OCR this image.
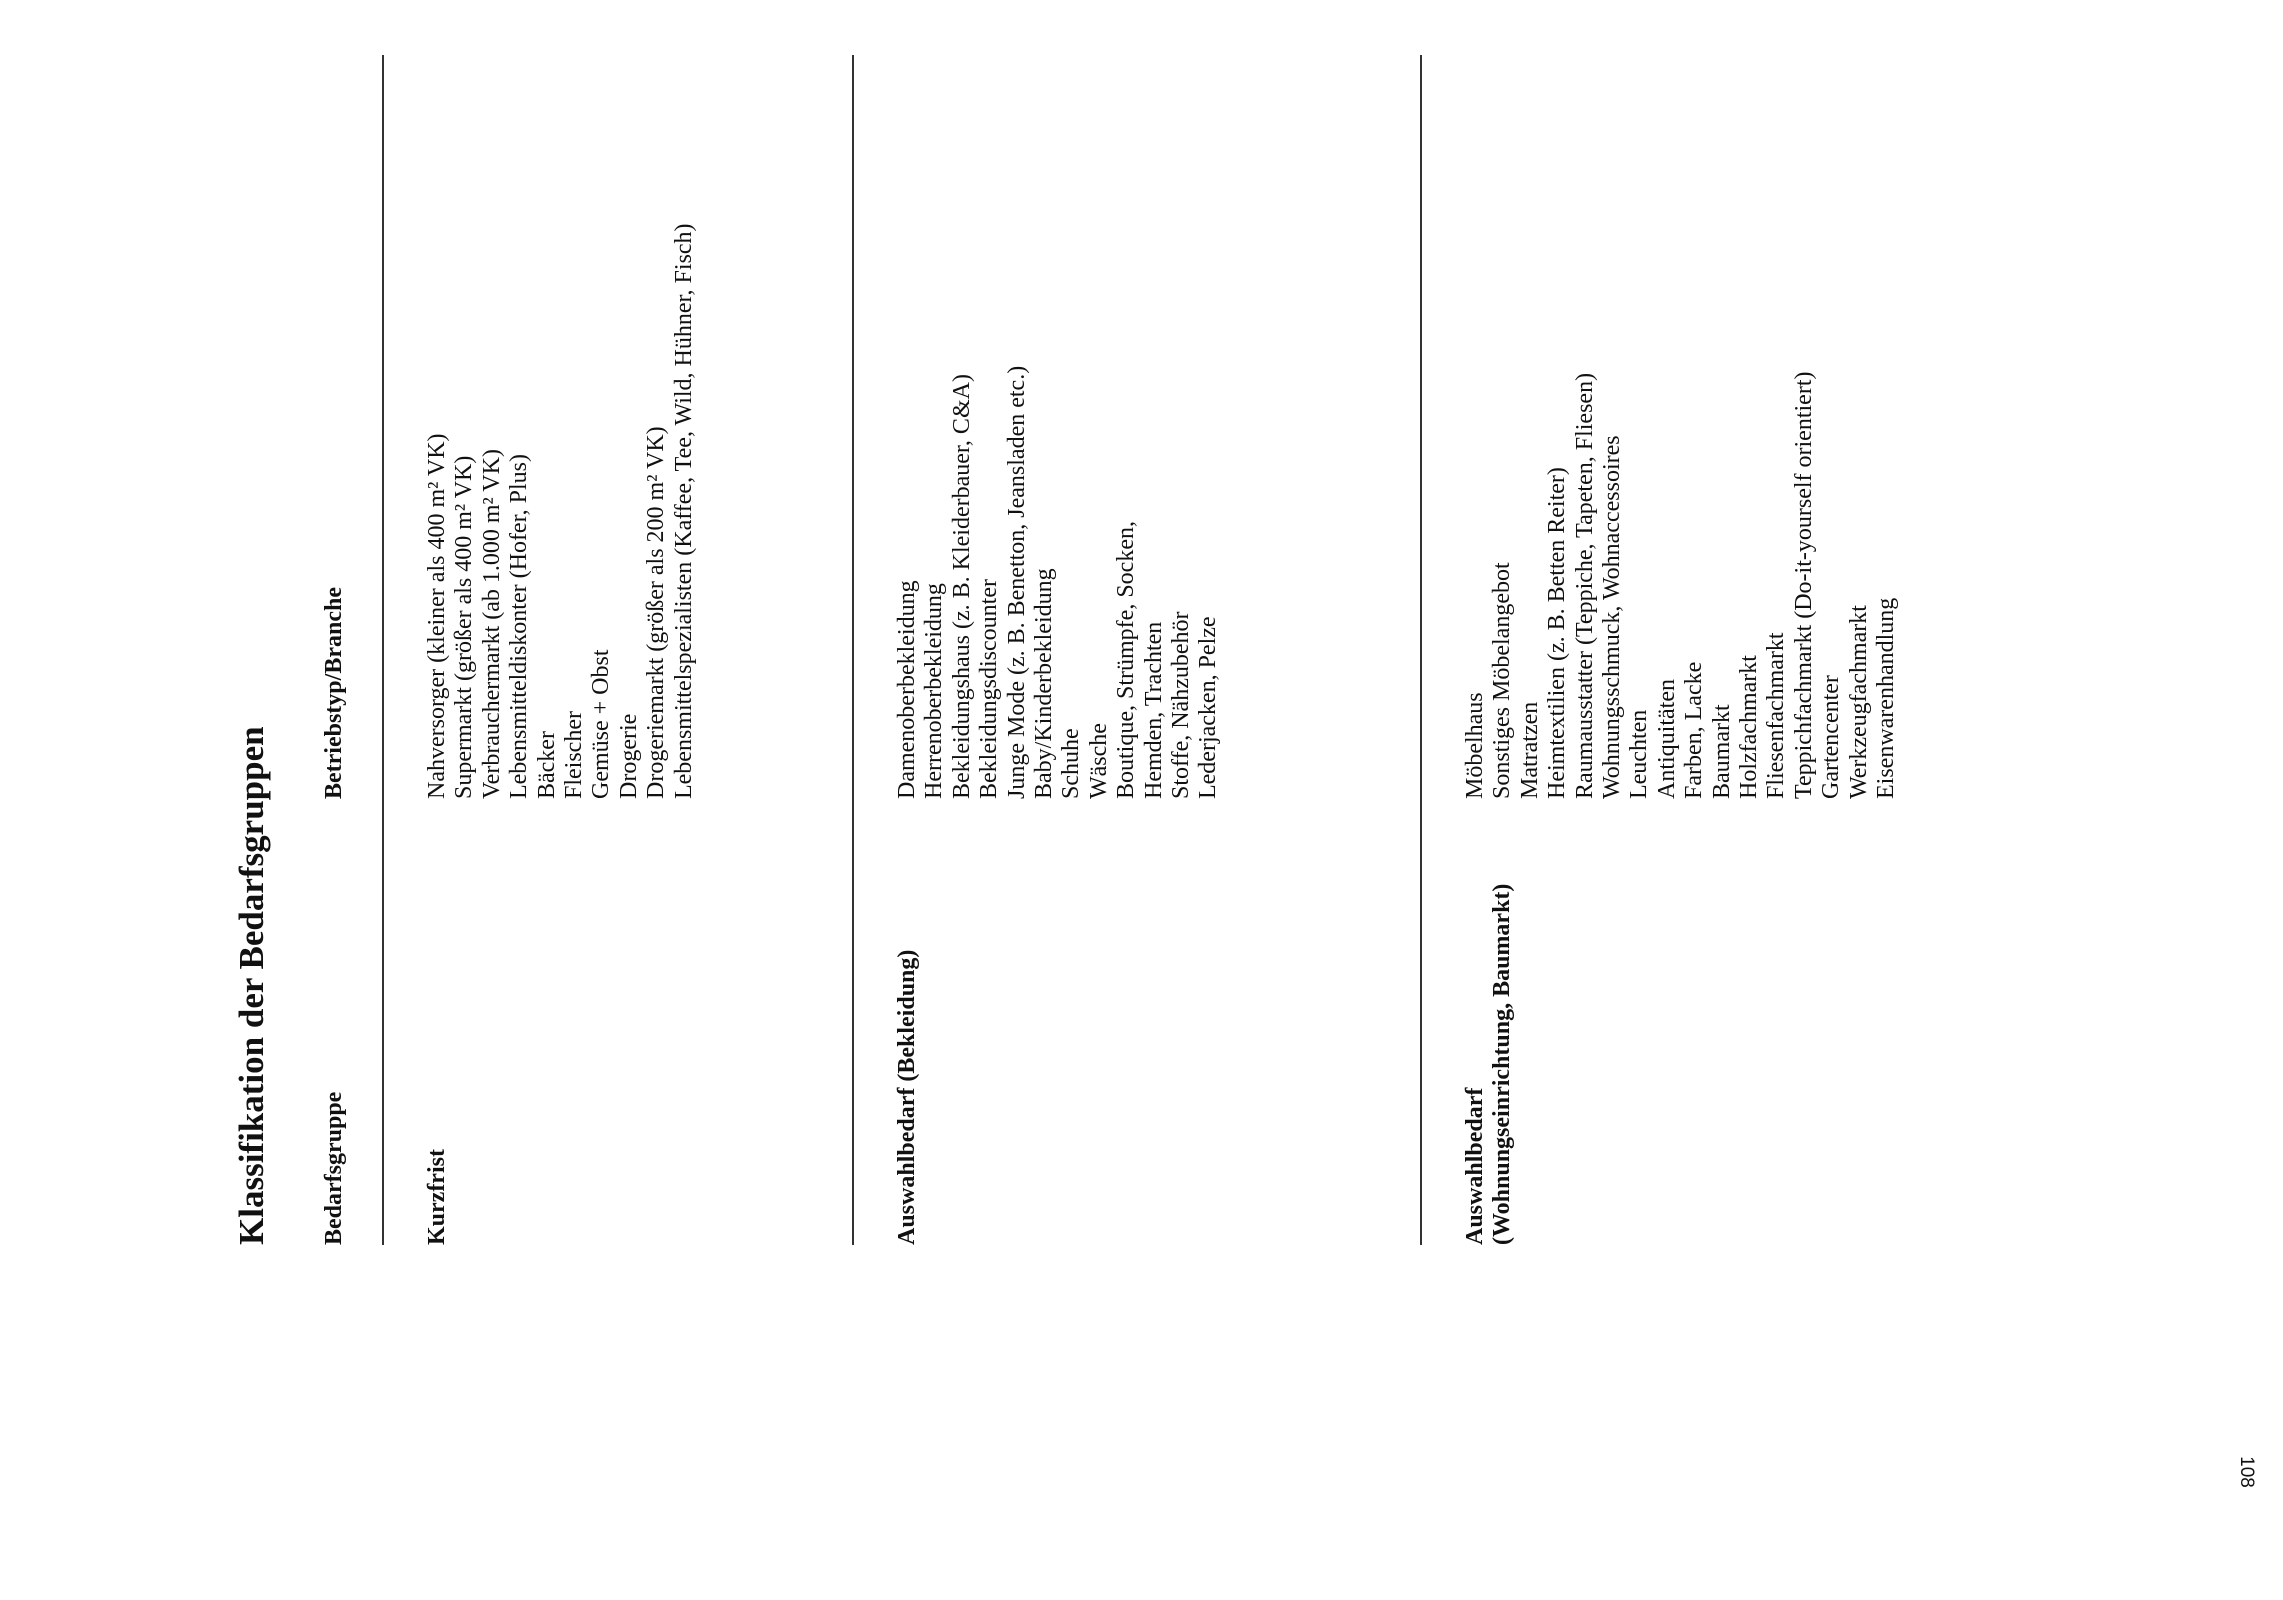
Klassifikation der Bedarfsgruppen Bedarfsgruppe
Betriebstyp/Branche
Kurzfrist
Nahversorger (kleiner als 400 m² VK) Supermarkt (größer als 400 m² VK) Verbrauchermarkt (ab 1.000 m² VK) Lebensmitteldiskonter (Hofer, Plus) Bäcker Fleischer Gemüse + Obst Drogerie Drogeriemarkt (größer als 200 m² VK) Lebensmittelspezialisten (Kaffee, Tee, Wild, Hühner, Fisch)
Auswahlbedarf (Bekleidung)
Damenoberbekleidung Herrenoberbekleidung Bekleidungshaus (z. B. Kleiderbauer, C&A) Bekleidungsdiscounter Junge Mode (z. B. Benetton, Jeansladen etc.) Baby/Kinderbekleidung Schuhe Wäsche Boutique, Strümpfe, Socken, Hemden, Trachten Stoffe, Nähzubehör Lederjacken, Pelze
Auswahlbedarf (Wohnungseinrichtung, Baumarkt)
Möbelhaus Sonstiges Möbelangebot Matratzen Heimtextilien (z. B. Betten Reiter) Raumausstatter (Teppiche, Tapeten, Fliesen) Wohnungsschmuck, Wohnaccessoires Leuchten Antiquitäten Farben, Lacke Baumarkt Holzfachmarkt Fliesenfachmarkt Teppichfachmarkt (Do-it-yourself orientiert) Gartencenter Werkzeugfachmarkt Eisenwarenhandlung
108
